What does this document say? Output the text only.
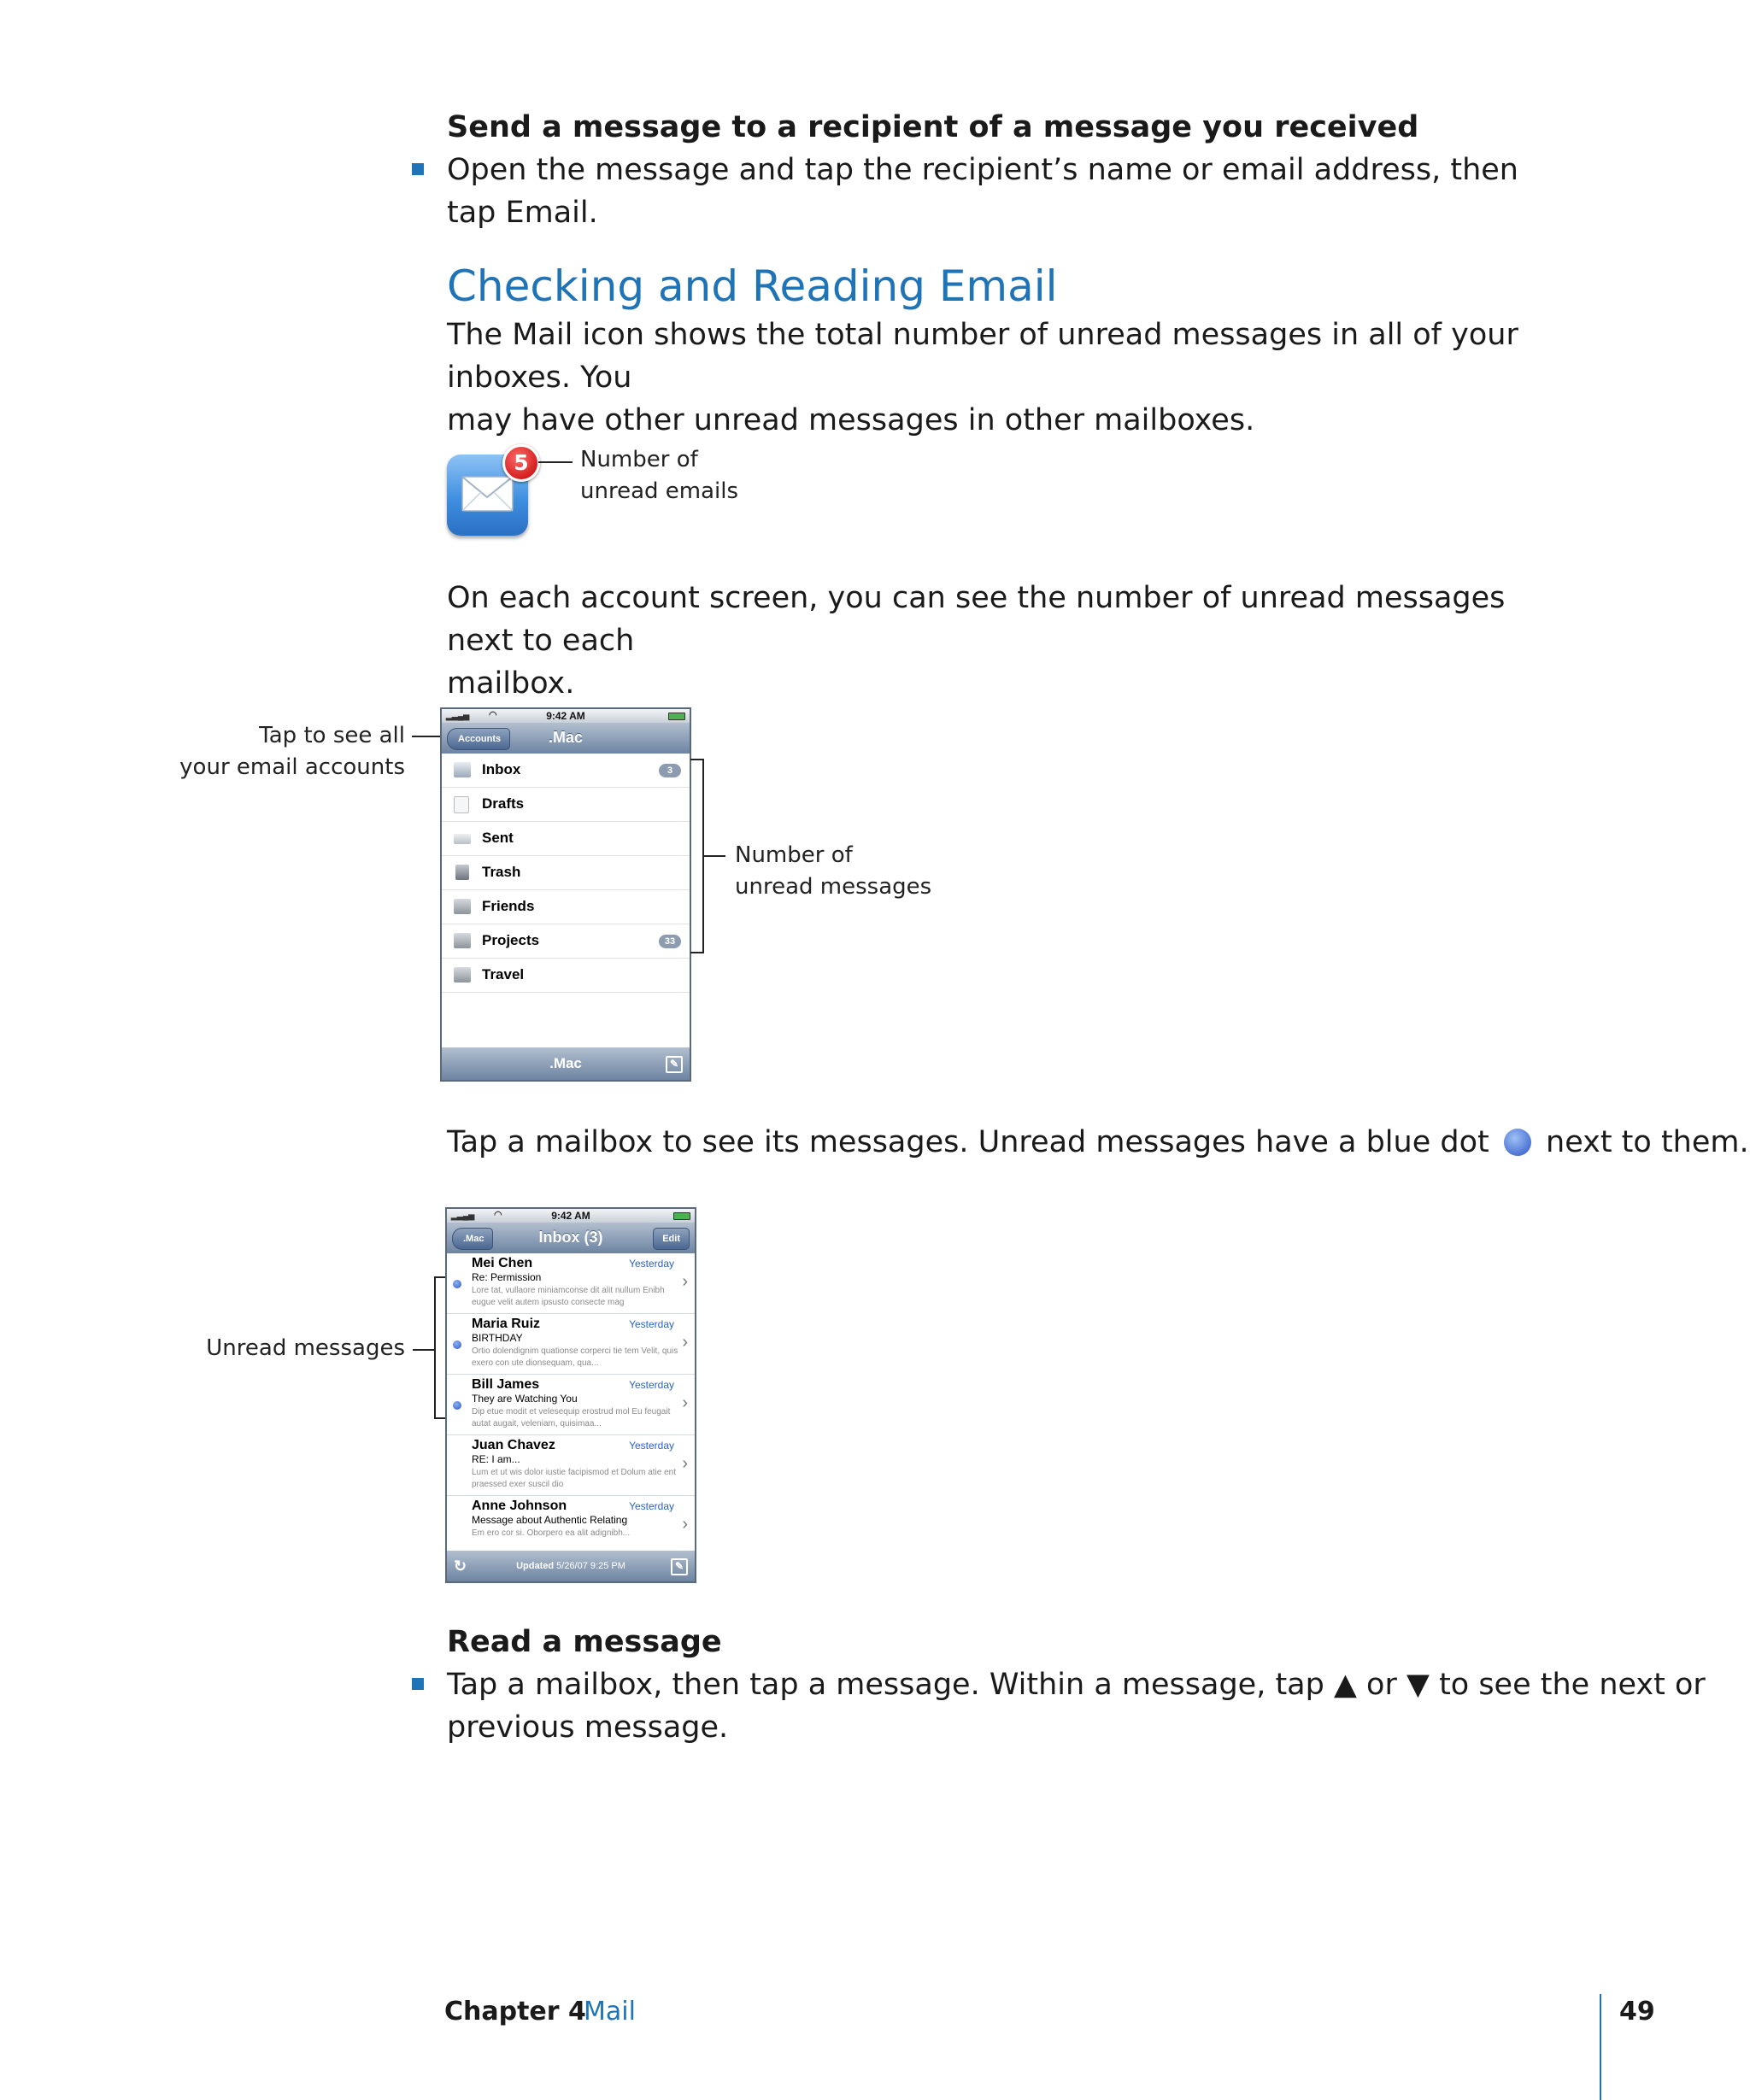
Send a message to a recipient of a message you received
Open the message and tap the recipient’s name or email address, then tap Email.
Checking and Reading Email
The Mail icon shows the total number of unread messages in all of your inboxes. You
may have other unread messages in other mailboxes.
5	Number of
unread emails
On each account screen, you can see the number of unread messages next to each
mailbox.
Tap to see all
your email accounts
▂▃▄▅ ◠	9:42 AM
Accounts	.Mac
Inbox	3
Drafts
Sent
Trash
Friends
Projects	33
Travel
.Mac	✎
Number of
unread messages
Tap a mailbox to see its messages. Unread messages have a blue dot next to them.
▂▃▄▅ ◠	9:42 AM
.Mac	Inbox (3)	Edit
Mei Chen	Yesterday
Re: Permission
Lore tat, vullaore miniamconse dit alit nullum Enibh eugue velit autem ipsusto consecte mag
›
Maria Ruiz	Yesterday
BIRTHDAY
Ortio dolendignim quationse corperci tie tem Velit, quis exero con ute dionsequam, qua...
›
Bill James	Yesterday
They are Watching You
Dip etue modit et velesequip erostrud mol Eu feugait autat augait, veleniam, quisimaa...
›
Juan Chavez	Yesterday
RE: I am...
Lum et ut wis dolor iustie facipismod et Dolum atie ent praessed exer suscil dio
›
Anne Johnson	Yesterday
Message about Authentic Relating
Em ero cor si. Oborpero ea alit adignibh...	›
↻	Updated 5/26/07 9:25 PM	✎
Unread messages
Read a message
Tap a mailbox, then tap a message. Within a message, tap ▲ or ▼ to see the next or
previous message.
Chapter 4
Mail	49
